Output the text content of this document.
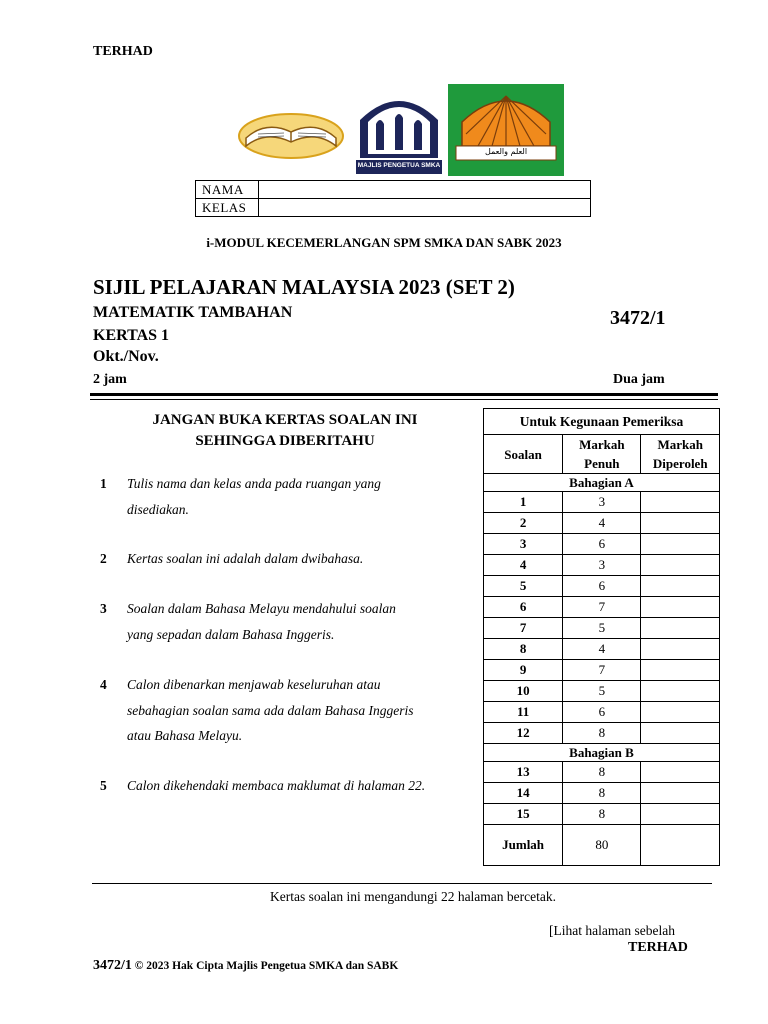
TERHAD
MAJLIS PENGETUA SMKA
العلم والعمل
NAMA	
KELAS	
i-MODUL KECEMERLANGAN SPM SMKA DAN SABK 2023
SIJIL PELAJARAN MALAYSIA 2023 (SET 2)
MATEMATIK TAMBAHAN	3472/1
KERTAS 1
Okt./Nov.
2 jam	Dua jam
JANGAN BUKA KERTAS SOALAN INI
SEHINGGA DIBERITAHU
1 Tulis nama dan kelas anda pada ruangan yang
disediakan.
2 Kertas soalan ini adalah dalam dwibahasa.
3 Soalan dalam Bahasa Melayu mendahului soalan
yang sepadan dalam Bahasa Inggeris.
4 Calon dibenarkan menjawab keseluruhan atau
sebahagian soalan sama ada dalam Bahasa Inggeris
atau Bahasa Melayu.
5 Calon dikehendaki membaca maklumat di halaman 22.
Untuk Kegunaan Pemeriksa		
Soalan	Markah Penuh	Markah Diperoleh
Bahagian A		
1	3	
2	4	
3	6	
4	3	
5	6	
6	7	
7	5	
8	4	
9	7	
10	5	
11	6	
12	8	
Bahagian B		
13	8	
14	8	
15	8	
Jumlah	80	
Kertas soalan ini mengandungi 22 halaman bercetak.
[Lihat halaman sebelah
TERHAD
3472/1 © 2023 Hak Cipta Majlis Pengetua SMKA dan SABK
